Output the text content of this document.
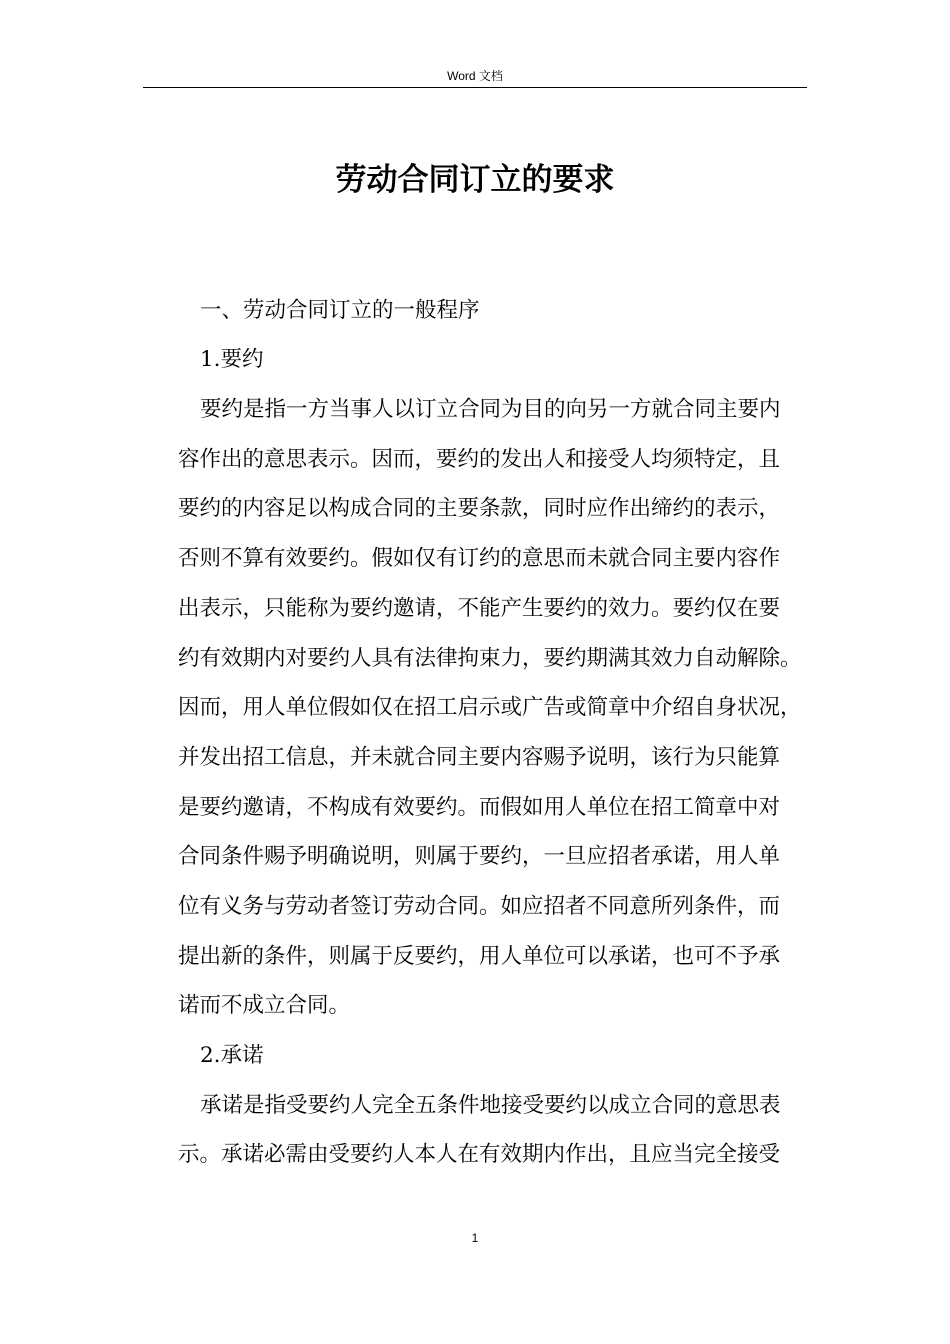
Word 文档
劳动合同订立的要求

一、劳动合同订立的一般程序

1.要约

要约是指一方当事人以订立合同为目的向另一方就合同主要内

容作出的意思表示。因而，要约的发出人和接受人均须特定，且

要约的内容足以构成合同的主要条款，同时应作出缔约的表示，

否则不算有效要约。假如仅有订约的意思而未就合同主要内容作

出表示，只能称为要约邀请，不能产生要约的效力。要约仅在要

约有效期内对要约人具有法律拘束力，要约期满其效力自动解除。

因而，用人单位假如仅在招工启示或广告或简章中介绍自身状况，

并发出招工信息，并未就合同主要内容赐予说明，该行为只能算

是要约邀请，不构成有效要约。而假如用人单位在招工简章中对

合同条件赐予明确说明，则属于要约，一旦应招者承诺，用人单

位有义务与劳动者签订劳动合同。如应招者不同意所列条件，而

提出新的条件，则属于反要约，用人单位可以承诺，也可不予承

诺而不成立合同。

2.承诺

承诺是指受要约人完全五条件地接受要约以成立合同的意思表

示。承诺必需由受要约人本人在有效期内作出，且应当完全接受

1
